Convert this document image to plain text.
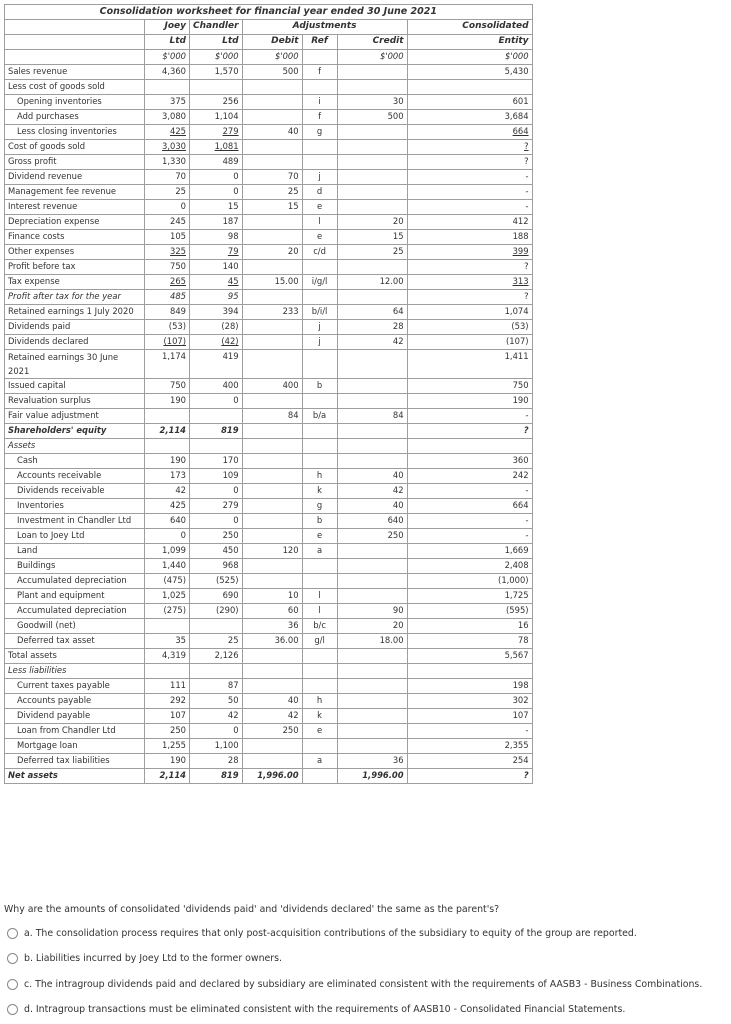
Consolidation worksheet for financial year ended 30 June 2021						
	Joey	Chandler	Adjustments			Consolidated
	Ltd	Ltd	Debit	Ref	Credit	Entity
	$'000	$'000	$'000		$'000	$'000
Sales revenue	4,360	1,570	500	f		5,430
Less cost of goods sold						
Opening inventories	375	256		i	30	601
Add purchases	3,080	1,104		f	500	3,684
Less closing inventories	425	279	40	g		664
Cost of goods sold	3,030	1,081				?
Gross profit	1,330	489				?
Dividend revenue	70	0	70	j		-
Management fee revenue	25	0	25	d		-
Interest revenue	0	15	15	e		-
Depreciation expense	245	187		l	20	412
Finance costs	105	98		e	15	188
Other expenses	325	79	20	c/d	25	399
Profit before tax	750	140				?
Tax expense	265	45	15.00	i/g/l	12.00	313
Profit after tax for the year	485	95				?
Retained earnings 1 July 2020	849	394	233	b/i/l	64	1,074
Dividends paid	(53)	(28)		j	28	(53)
Dividends declared	(107)	(42)		j	42	(107)
Retained earnings 30 June 2021	1,174	419				1,411
Issued capital	750	400	400	b		750
Revaluation surplus	190	0				190
Fair value adjustment			84	b/a	84	-
Shareholders' equity	2,114	819				?
Assets						
Cash	190	170				360
Accounts receivable	173	109		h	40	242
Dividends receivable	42	0		k	42	-
Inventories	425	279		g	40	664
Investment in Chandler Ltd	640	0		b	640	-
Loan to Joey Ltd	0	250		e	250	-
Land	1,099	450	120	a		1,669
Buildings	1,440	968				2,408
Accumulated depreciation	(475)	(525)				(1,000)
Plant and equipment	1,025	690	10	l		1,725
Accumulated depreciation	(275)	(290)	60	l	90	(595)
Goodwill (net)			36	b/c	20	16
Deferred tax asset	35	25	36.00	g/l	18.00	78
Total assets	4,319	2,126				5,567
Less liabilities						
Current taxes payable	111	87				198
Accounts payable	292	50	40	h		302
Dividend payable	107	42	42	k		107
Loan from Chandler Ltd	250	0	250	e		-
Mortgage loan	1,255	1,100				2,355
Deferred tax liabilities	190	28		a	36	254
Net assets	2,114	819	1,996.00		1,996.00	?

Why are the amounts of consolidated 'dividends paid' and 'dividends declared' the same as the parent's?

a. The consolidation process requires that only post-acquisition contributions of the subsidiary to equity of the group are reported.
b. Liabilities incurred by Joey Ltd to the former owners.
c. The intragroup dividends paid and declared by subsidiary are eliminated consistent with the requirements of AASB3 - Business Combinations.
d. Intragroup transactions must be eliminated consistent with the requirements of AASB10 - Consolidated Financial Statements.
